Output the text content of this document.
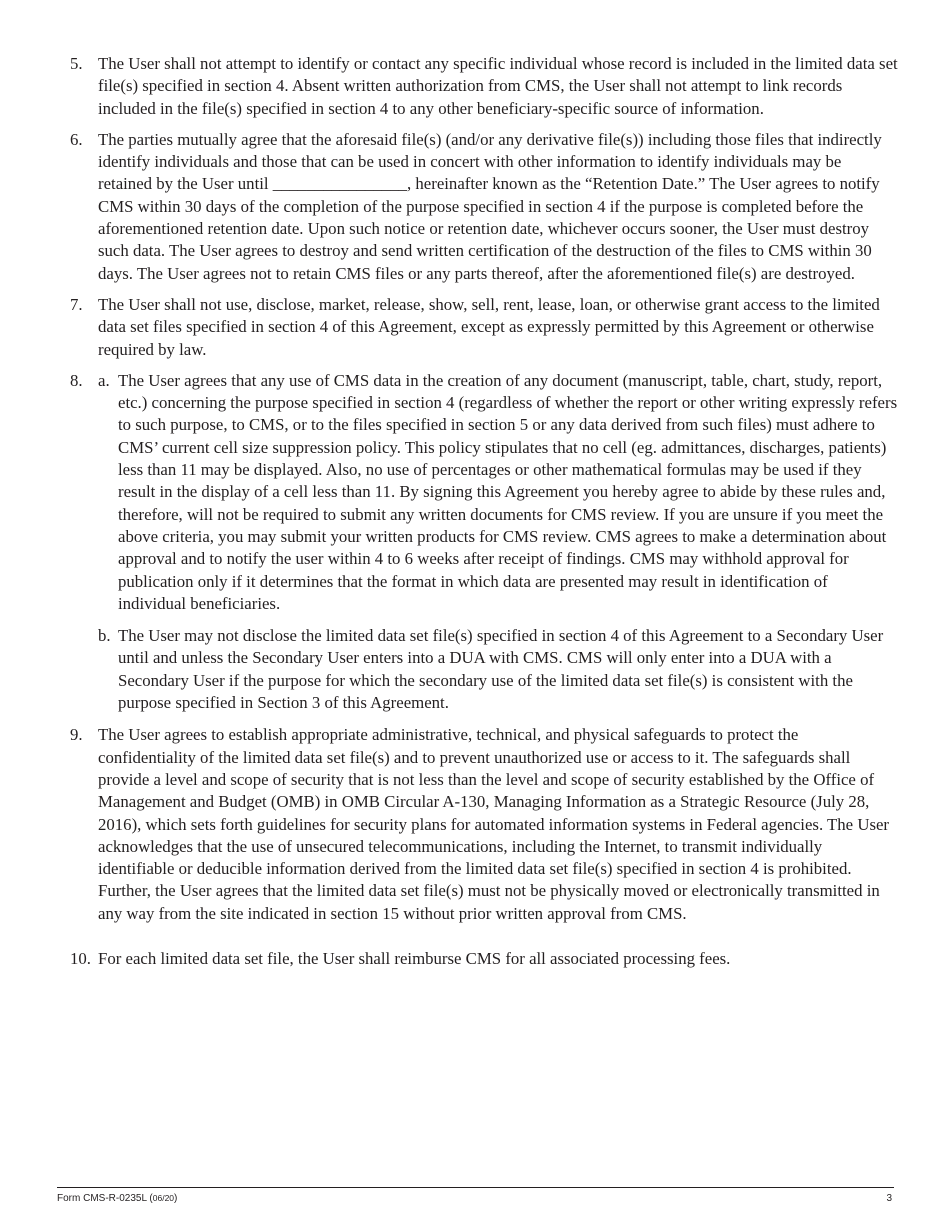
5. The User shall not attempt to identify or contact any specific individual whose record is included in the limited data set file(s) specified in section 4. Absent written authorization from CMS, the User shall not attempt to link records included in the file(s) specified in section 4 to any other beneficiary-specific source of information.
6. The parties mutually agree that the aforesaid file(s) (and/or any derivative file(s)) including those files that indirectly identify individuals and those that can be used in concert with other information to identify individuals may be retained by the User until ________________, hereinafter known as the “Retention Date.” The User agrees to notify CMS within 30 days of the completion of the purpose specified in section 4 if the purpose is completed before the aforementioned retention date. Upon such notice or retention date, whichever occurs sooner, the User must destroy such data. The User agrees to destroy and send written certification of the destruction of the files to CMS within 30 days. The User agrees not to retain CMS files or any parts thereof, after the aforementioned file(s) are destroyed.
7. The User shall not use, disclose, market, release, show, sell, rent, lease, loan, or otherwise grant access to the limited data set files specified in section 4 of this Agreement, except as expressly permitted by this Agreement or otherwise required by law.
8. a. The User agrees that any use of CMS data in the creation of any document (manuscript, table, chart, study, report, etc.) concerning the purpose specified in section 4 (regardless of whether the report or other writing expressly refers to such purpose, to CMS, or to the files specified in section 5 or any data derived from such files) must adhere to CMS’ current cell size suppression policy. This policy stipulates that no cell (eg. admittances, discharges, patients) less than 11 may be displayed. Also, no use of percentages or other mathematical formulas may be used if they result in the display of a cell less than 11. By signing this Agreement you hereby agree to abide by these rules and, therefore, will not be required to submit any written documents for CMS review. If you are unsure if you meet the above criteria, you may submit your written products for CMS review. CMS agrees to make a determination about approval and to notify the user within 4 to 6 weeks after receipt of findings. CMS may withhold approval for publication only if it determines that the format in which data are presented may result in identification of individual beneficiaries.
b. The User may not disclose the limited data set file(s) specified in section 4 of this Agreement to a Secondary User until and unless the Secondary User enters into a DUA with CMS. CMS will only enter into a DUA with a Secondary User if the purpose for which the secondary use of the limited data set file(s) is consistent with the purpose specified in Section 3 of this Agreement.
9. The User agrees to establish appropriate administrative, technical, and physical safeguards to protect the confidentiality of the limited data set file(s) and to prevent unauthorized use or access to it. The safeguards shall provide a level and scope of security that is not less than the level and scope of security established by the Office of Management and Budget (OMB) in OMB Circular A-130, Managing Information as a Strategic Resource (July 28, 2016), which sets forth guidelines for security plans for automated information systems in Federal agencies. The User acknowledges that the use of unsecured telecommunications, including the Internet, to transmit individually identifiable or deducible information derived from the limited data set file(s) specified in section 4 is prohibited. Further, the User agrees that the limited data set file(s) must not be physically moved or electronically transmitted in any way from the site indicated in section 15 without prior written approval from CMS.
10. For each limited data set file, the User shall reimburse CMS for all associated processing fees.
Form CMS-R-0235L (06/20)	3
